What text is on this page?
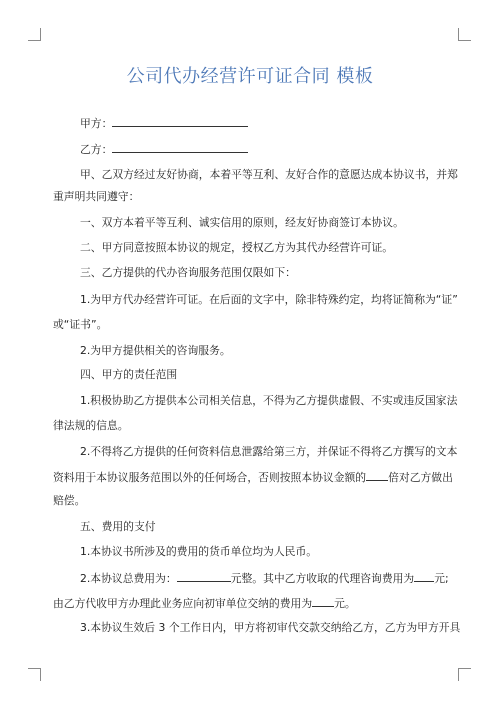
公司代办经营许可证合同 模板
甲方：
乙方：
甲、乙双方经过友好协商，本着平等互利、友好合作的意愿达成本协议书，并郑
重声明共同遵守：
一、双方本着平等互利、诚实信用的原则，经友好协商签订本协议。
二、甲方同意按照本协议的规定，授权乙方为其代办经营许可证。
三、乙方提供的代办咨询服务范围仅限如下：
1.为甲方代办经营许可证。在后面的文字中，除非特殊约定，均将证简称为“证”
或“证书”。
2.为甲方提供相关的咨询服务。
四、甲方的责任范围
1.积极协助乙方提供本公司相关信息，不得为乙方提供虚假、不实或违反国家法
律法规的信息。
2.不得将乙方提供的任何资料信息泄露给第三方，并保证不得将乙方撰写的文本
资料用于本协议服务范围以外的任何场合，否则按照本协议金额的 倍对乙方做出
赔偿。
五、费用的支付
1.本协议书所涉及的费用的货币单位均为人民币。
2.本协议总费用为：	元整。其中乙方收取的代理咨询费用为 元;
由乙方代收甲方办理此业务应向初审单位交纳的费用为 元。
3.本协议生效后 3 个工作日内，甲方将初审代交款交纳给乙方，乙方为甲方开具
